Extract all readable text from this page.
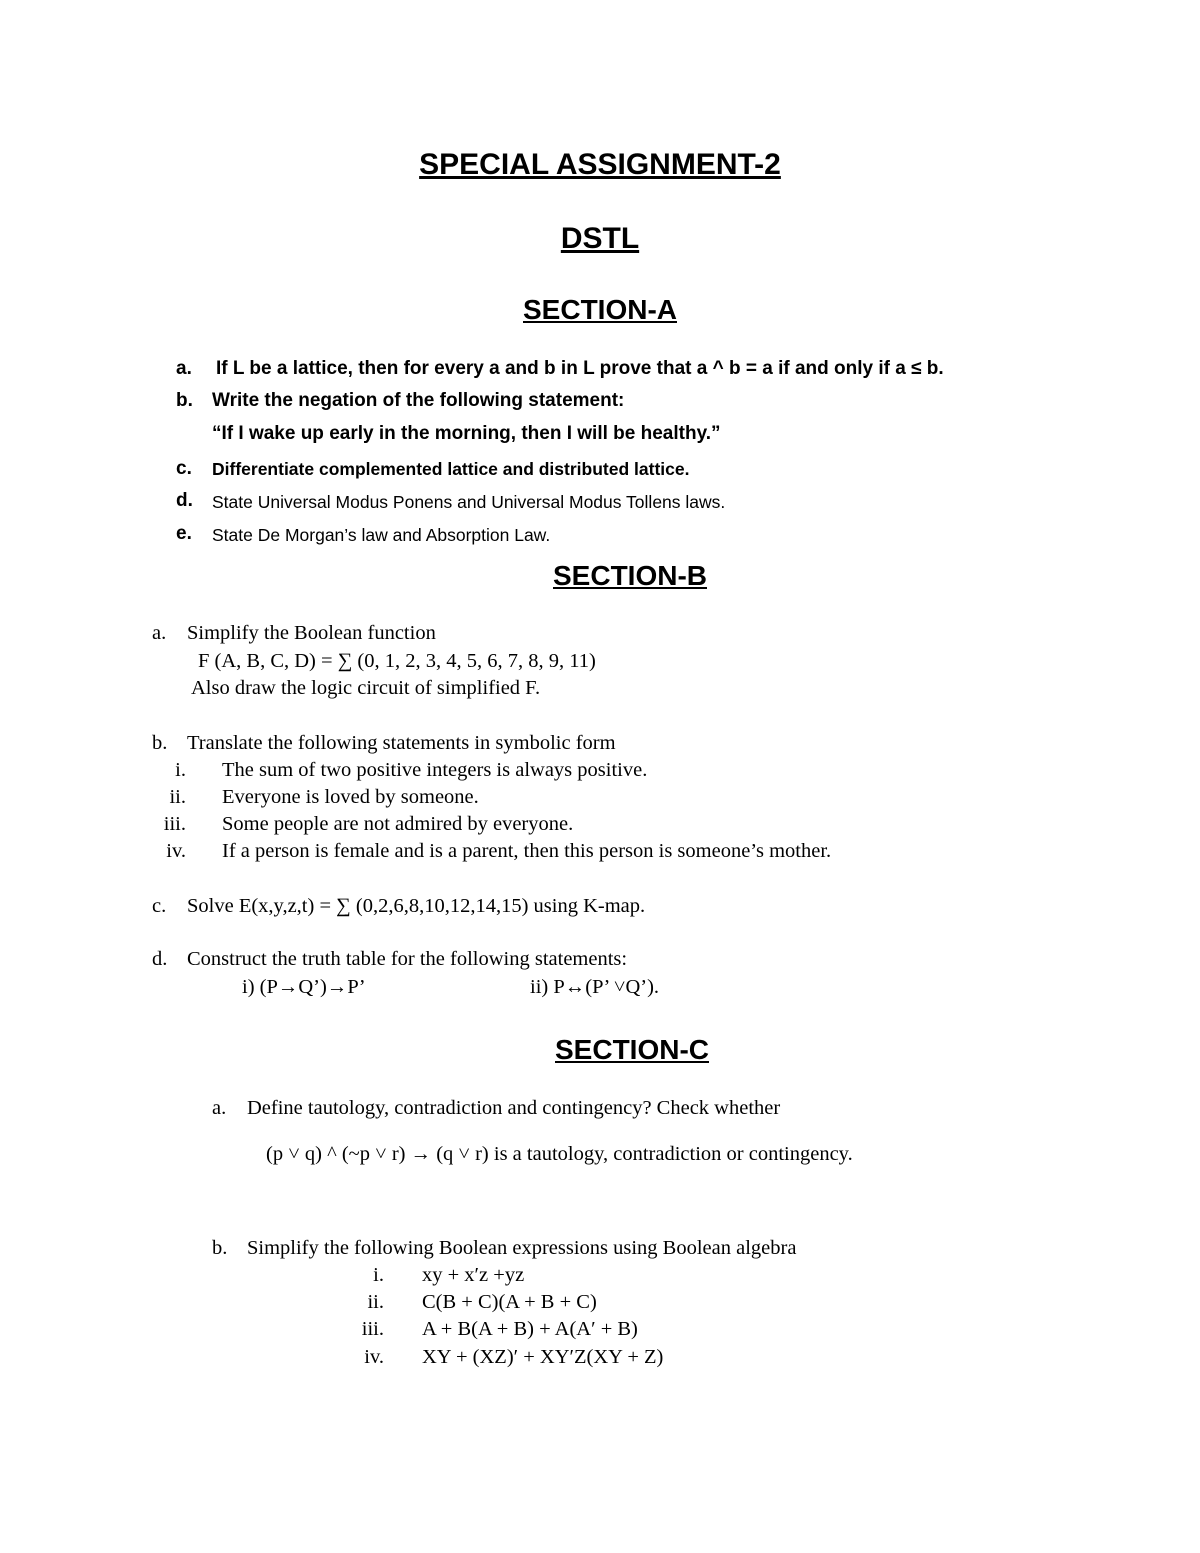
SPECIAL ASSIGNMENT-2
DSTL
SECTION-A
a. If L be a lattice, then for every a and b in L prove that a ^ b = a if and only if a ≤ b.
b. Write the negation of the following statement:
“If I wake up early in the morning, then I will be healthy.”
c. Differentiate complemented lattice and distributed lattice.
d. State Universal Modus Ponens and Universal Modus Tollens laws.
e. State De Morgan’s law and Absorption Law.
SECTION-B
a. Simplify the Boolean function
F (A, B, C, D) = ∑ (0, 1, 2, 3, 4, 5, 6, 7, 8, 9, 11)
Also draw the logic circuit of simplified F.
b. Translate the following statements in symbolic form
i. The sum of two positive integers is always positive.
ii. Everyone is loved by someone.
iii. Some people are not admired by everyone.
iv. If a person is female and is a parent, then this person is someone’s mother.
c. Solve E(x,y,z,t) = ∑ (0,2,6,8,10,12,14,15) using K-map.
d. Construct the truth table for the following statements:
i) (P→Q’)→P’	ii) P↔(P’ ˅Q’).
SECTION-C
a. Define tautology, contradiction and contingency? Check whether
(p ˅ q) ^ (~p ˅ r) → (q ˅ r) is a tautology, contradiction or contingency.
b. Simplify the following Boolean expressions using Boolean algebra
i. xy + x′z +yz
ii. C(B + C)(A + B + C)
iii. A + B(A + B) + A(A′ + B)
iv. XY + (XZ)′ + XY′Z(XY + Z)
